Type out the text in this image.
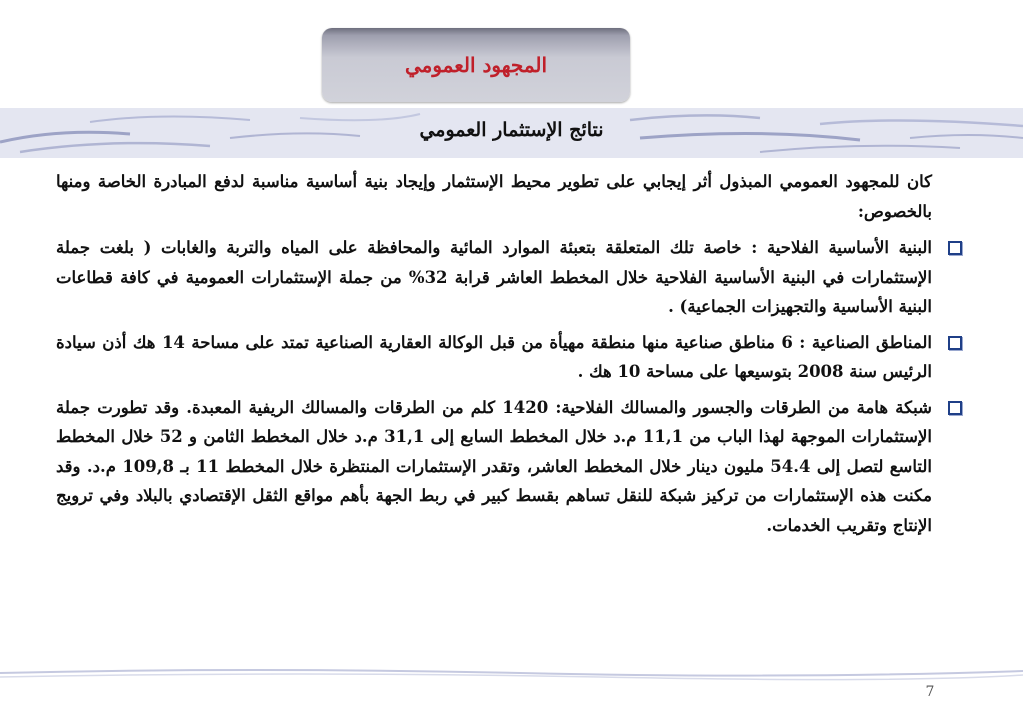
المجهود العمومي
نتائج الإستثمار العمومي

كان للمجهود العمومي المبذول أثر إيجابي على تطوير محيط الإستثمار وإيجاد بنية أساسية مناسبة لدفع المبادرة الخاصة ومنها بالخصوص:

البنية الأساسية الفلاحية : خاصة تلك المتعلقة بتعبئة الموارد المائية والمحافظة على المياه والتربة والغابات ( بلغت جملة الإستثمارات في البنية الأساسية الفلاحية خلال المخطط العاشر قرابة 32% من جملة الإستثمارات العمومية في كافة قطاعات البنية الأساسية والتجهيزات الجماعية) .
المناطق الصناعية : 6 مناطق صناعية منها منطقة مهيأة من قبل الوكالة العقارية الصناعية تمتد على مساحة 14 هك أذن سيادة الرئيس سنة 2008 بتوسيعها على مساحة 10 هك .
شبكة هامة من الطرقات والجسور والمسالك الفلاحية: 1420 كلم من الطرقات والمسالك الريفية المعبدة. وقد تطورت جملة الإستثمارات الموجهة لهذا الباب من 11,1 م.د خلال المخطط السابع إلى 31,1 م.د خلال المخطط الثامن و 52 خلال المخطط التاسع لتصل إلى 54.4 مليون دينار خلال المخطط العاشر، وتقدر الإستثمارات المنتظرة خلال المخطط 11 بـ 109,8 م.د. وقد مكنت هذه الإستثمارات من تركيز شبكة للنقل تساهم بقسط كبير في ربط الجهة بأهم مواقع الثقل الإقتصادي بالبلاد وفي ترويج الإنتاج وتقريب الخدمات.
7
